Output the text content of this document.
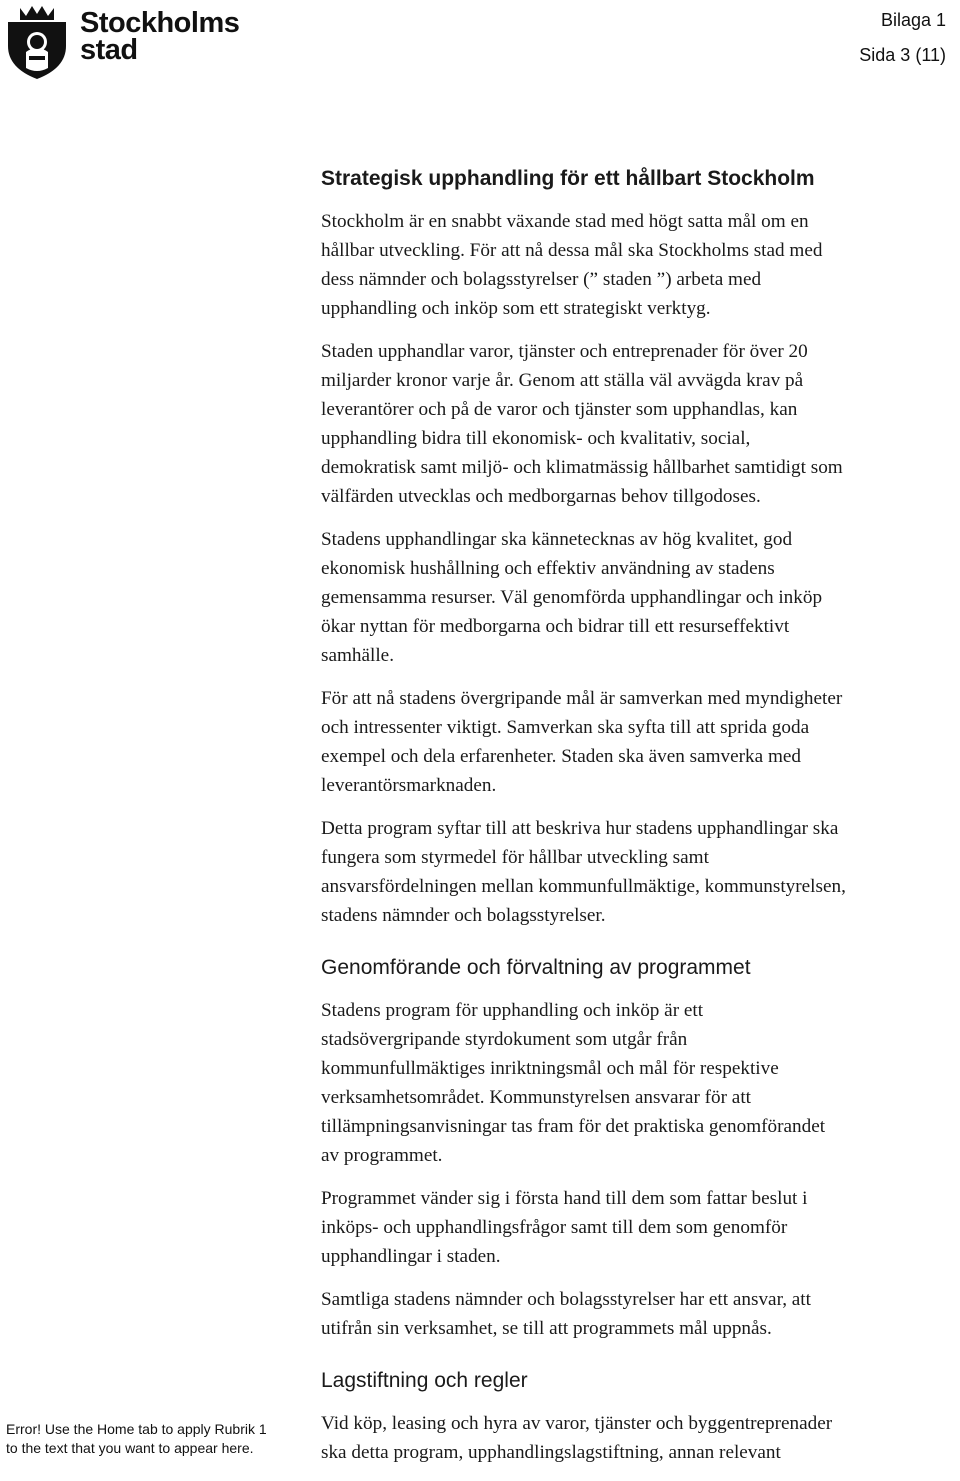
Stockholms
stad
Bilaga 1
Sida 3 (11)
Strategisk upphandling för ett hållbart Stockholm

Stockholm är en snabbt växande stad med högt satta mål om en
hållbar utveckling. För att nå dessa mål ska Stockholms stad med
dess nämnder och bolagsstyrelser (” staden ”) arbeta med
upphandling och inköp som ett strategiskt verktyg.

Staden upphandlar varor, tjänster och entreprenader för över 20
miljarder kronor varje år. Genom att ställa väl avvägda krav på
leverantörer och på de varor och tjänster som upphandlas, kan
upphandling bidra till ekonomisk- och kvalitativ, social,
demokratisk samt miljö- och klimatmässig hållbarhet samtidigt som
välfärden utvecklas och medborgarnas behov tillgodoses.

Stadens upphandlingar ska kännetecknas av hög kvalitet, god
ekonomisk hushållning och effektiv användning av stadens
gemensamma resurser. Väl genomförda upphandlingar och inköp
ökar nyttan för medborgarna och bidrar till ett resurseffektivt
samhälle.

För att nå stadens övergripande mål är samverkan med myndigheter
och intressenter viktigt. Samverkan ska syfta till att sprida goda
exempel och dela erfarenheter. Staden ska även samverka med
leverantörsmarknaden.

Detta program syftar till att beskriva hur stadens upphandlingar ska
fungera som styrmedel för hållbar utveckling samt
ansvarsfördelningen mellan kommunfullmäktige, kommunstyrelsen,
stadens nämnder och bolagsstyrelser.

Genomförande och förvaltning av programmet

Stadens program för upphandling och inköp är ett
stadsövergripande styrdokument som utgår från
kommunfullmäktiges inriktningsmål och mål för respektive
verksamhetsområdet. Kommunstyrelsen ansvarar för att
tillämpningsanvisningar tas fram för det praktiska genomförandet
av programmet.

Programmet vänder sig i första hand till dem som fattar beslut i
inköps- och upphandlingsfrågor samt till dem som genomför
upphandlingar i staden.

Samtliga stadens nämnder och bolagsstyrelser har ett ansvar, att
utifrån sin verksamhet, se till att programmets mål uppnås.

Lagstiftning och regler

Vid köp, leasing och hyra av varor, tjänster och byggentreprenader
ska detta program, upphandlingslagstiftning, annan relevant

Error! Use the Home tab to apply Rubrik 1
to the text that you want to appear here.
